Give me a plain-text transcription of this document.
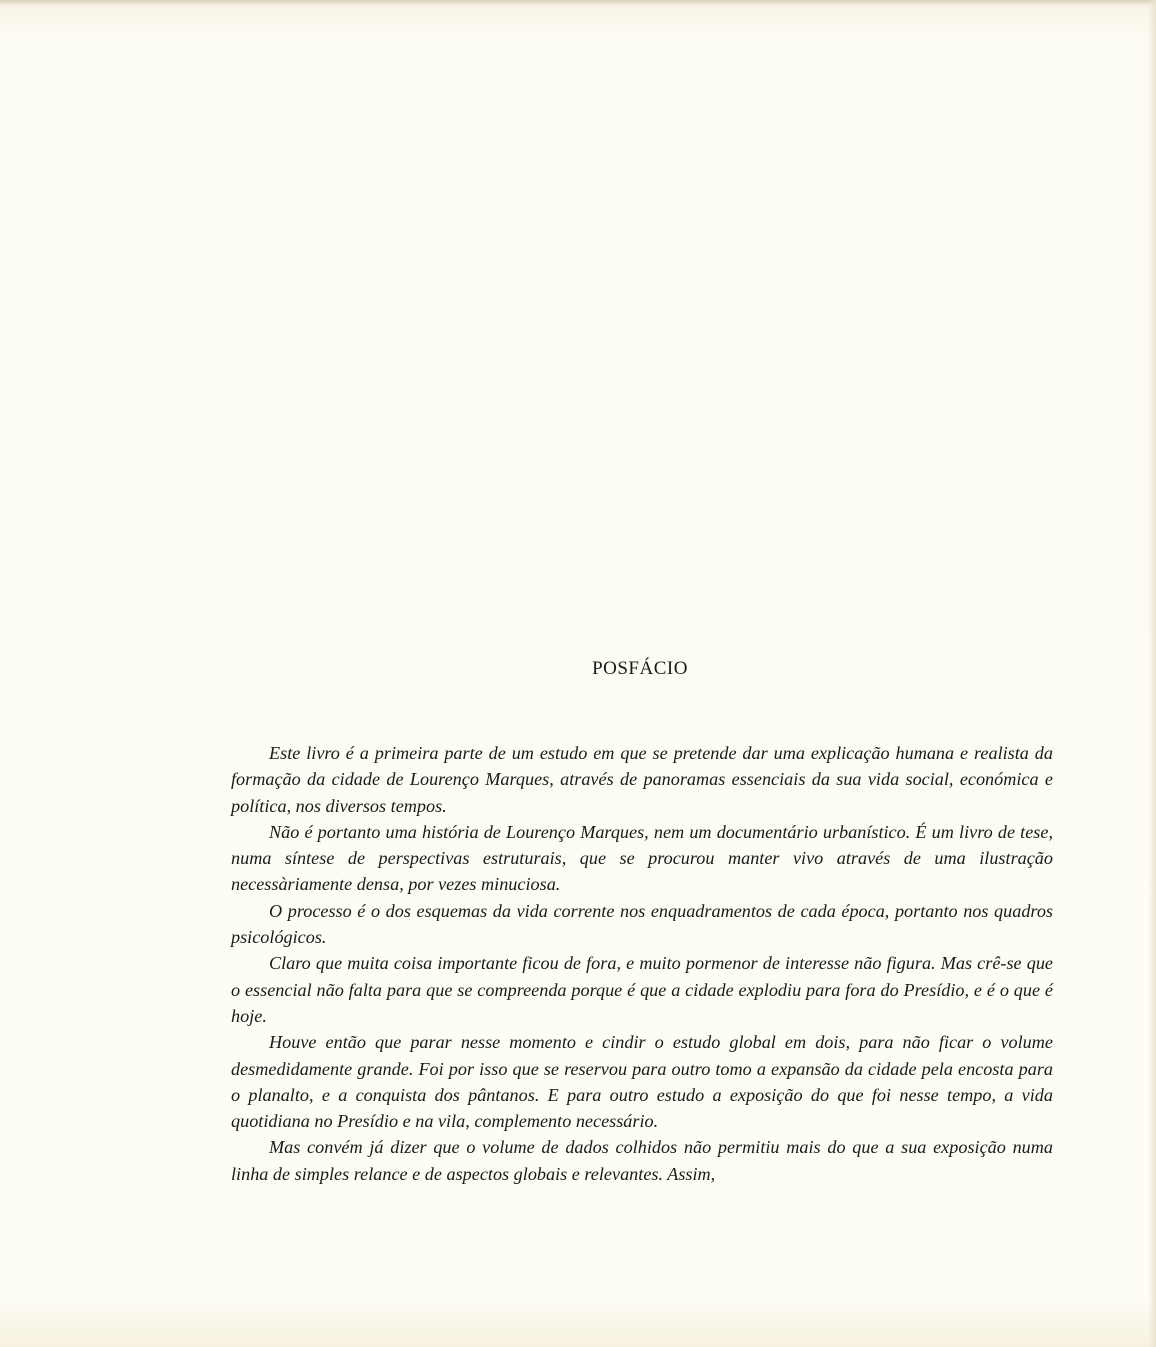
POSFÁCIO

Este livro é a primeira parte de um estudo em que se pretende dar uma explicação humana e realista da formação da cidade de Lourenço Marques, através de panoramas essenciais da sua vida social, económica e política, nos diversos tempos.

Não é portanto uma história de Lourenço Marques, nem um documentário urbanístico. É um livro de tese, numa síntese de perspectivas estruturais, que se procurou manter vivo através de uma ilustração necessàriamente densa, por vezes minuciosa.

O processo é o dos esquemas da vida corrente nos enquadramentos de cada época, portanto nos quadros psicológicos.

Claro que muita coisa importante ficou de fora, e muito pormenor de interesse não figura. Mas crê-se que o essencial não falta para que se compreenda porque é que a cidade explodiu para fora do Presídio, e é o que é hoje.

Houve então que parar nesse momento e cindir o estudo global em dois, para não ficar o volume desmedidamente grande. Foi por isso que se reservou para outro tomo a expansão da cidade pela encosta para o planalto, e a conquista dos pântanos. E para outro estudo a exposição do que foi nesse tempo, a vida quotidiana no Presídio e na vila, complemento necessário.

Mas convém já dizer que o volume de dados colhidos não permitiu mais do que a sua exposição numa linha de simples relance e de aspectos globais e relevantes. Assim,
